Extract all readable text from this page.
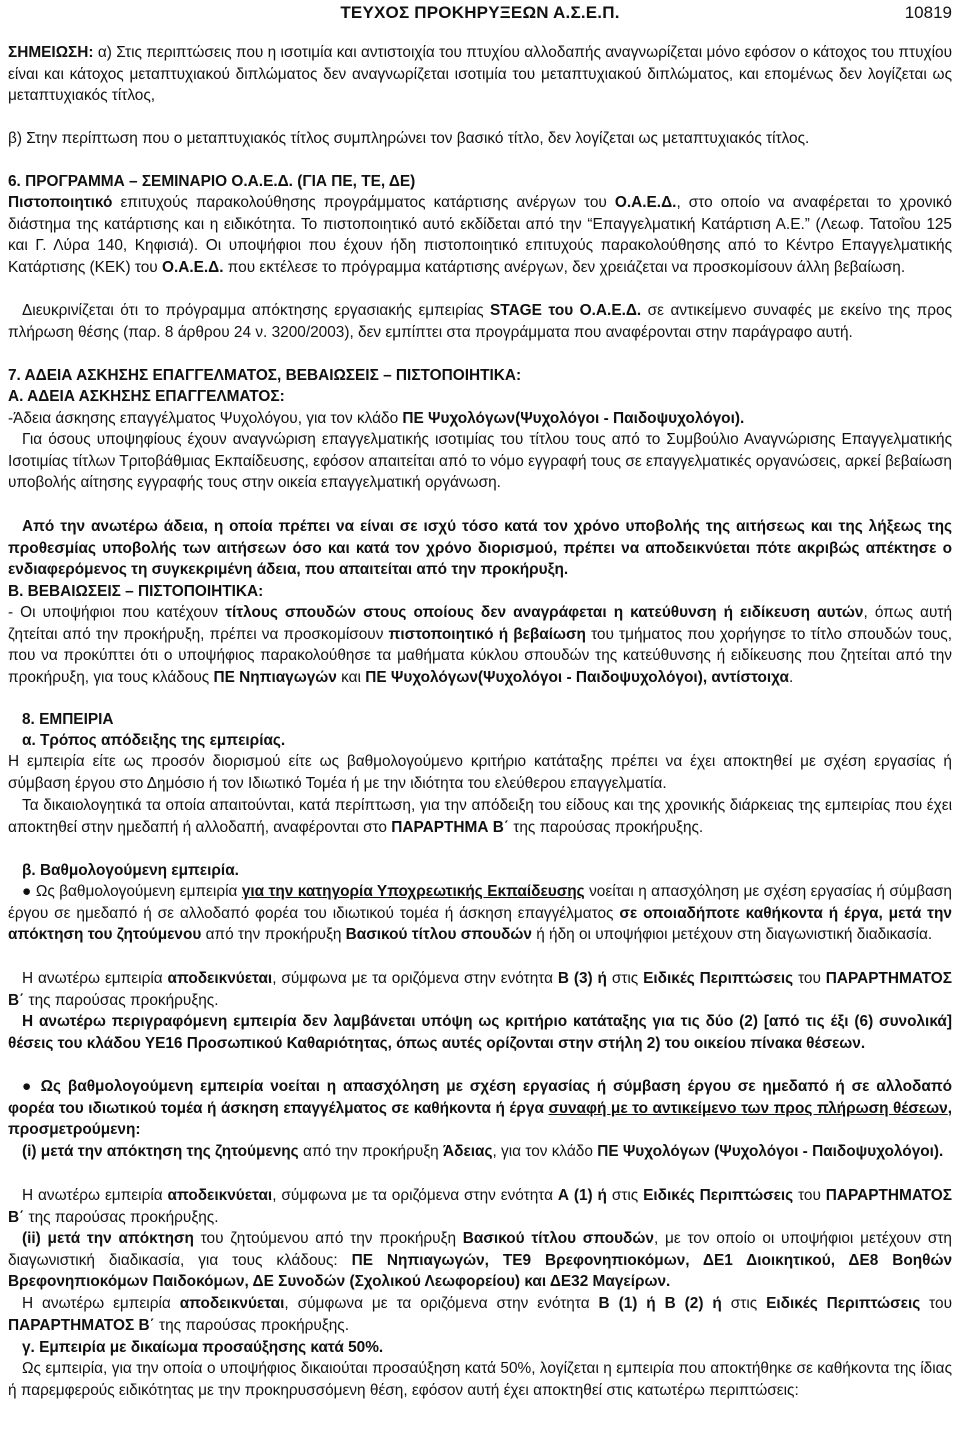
ΤΕΥΧΟΣ ΠΡΟΚΗΡΥΞΕΩΝ Α.Σ.Ε.Π.	10819
ΣΗΜΕΙΩΣΗ: α) Στις περιπτώσεις που η ισοτιμία και αντιστοιχία του πτυχίου αλλοδαπής αναγνωρίζεται μόνο εφόσον ο κάτοχος του πτυχίου είναι και κάτοχος μεταπτυχιακού διπλώματος δεν αναγνωρίζεται ισοτιμία του μεταπτυχιακού διπλώματος, και επομένως δεν λογίζεται ως μεταπτυχιακός τίτλος,
β) Στην περίπτωση που ο μεταπτυχιακός τίτλος συμπληρώνει τον βασικό τίτλο, δεν λογίζεται ως μεταπτυχιακός τίτλος.
6. ΠΡΟΓΡΑΜΜΑ – ΣΕΜΙΝΑΡΙΟ Ο.Α.Ε.Δ. (ΓΙΑ ΠΕ, ΤΕ, ΔΕ)
Πιστοποιητικό επιτυχούς παρακολούθησης προγράμματος κατάρτισης ανέργων του Ο.Α.Ε.Δ., στο οποίο να αναφέρεται το χρονικό διάστημα της κατάρτισης και η ειδικότητα. Το πιστοποιητικό αυτό εκδίδεται από την “Επαγγελματική Κατάρτιση Α.Ε.” (Λεωφ. Τατοΐου 125 και Γ. Λύρα 140, Κηφισιά). Οι υποψήφιοι που έχουν ήδη πιστοποιητικό επιτυχούς παρακολούθησης από το Κέντρο Επαγγελματικής Κατάρτισης (ΚΕΚ) του Ο.Α.Ε.Δ. που εκτέλεσε το πρόγραμμα κατάρτισης ανέργων, δεν χρειάζεται να προσκομίσουν άλλη βεβαίωση.
Διευκρινίζεται ότι το πρόγραμμα απόκτησης εργασιακής εμπειρίας STAGE του Ο.Α.Ε.Δ. σε αντικείμενο συναφές με εκείνο της προς πλήρωση θέσης (παρ. 8 άρθρου 24 ν. 3200/2003), δεν εμπίπτει στα προγράμματα που αναφέρονται στην παράγραφο αυτή.
7. ΑΔΕΙΑ ΑΣΚΗΣΗΣ ΕΠΑΓΓΕΛΜΑΤΟΣ, ΒΕΒΑΙΩΣΕΙΣ – ΠΙΣΤΟΠΟΙΗΤΙΚΑ:
Α. ΑΔΕΙΑ ΑΣΚΗΣΗΣ ΕΠΑΓΓΕΛΜΑΤΟΣ:
-Άδεια άσκησης επαγγέλματος Ψυχολόγου, για τον κλάδο ΠΕ Ψυχολόγων(Ψυχολόγοι - Παιδοψυχολόγοι).
Για όσους υποψηφίους έχουν αναγνώριση επαγγελματικής ισοτιμίας του τίτλου τους από το Συμβούλιο Αναγνώρισης Επαγγελματικής Ισοτιμίας τίτλων Τριτοβάθμιας Εκπαίδευσης, εφόσον απαιτείται από το νόμο εγγραφή τους σε επαγγελματικές οργανώσεις, αρκεί βεβαίωση υποβολής αίτησης εγγραφής τους στην οικεία επαγγελματική οργάνωση.
Από την ανωτέρω άδεια, η οποία πρέπει να είναι σε ισχύ τόσο κατά τον χρόνο υποβολής της αιτήσεως και της λήξεως της προθεσμίας υποβολής των αιτήσεων όσο και κατά τον χρόνο διορισμού, πρέπει να αποδεικνύεται πότε ακριβώς απέκτησε ο ενδιαφερόμενος τη συγκεκριμένη άδεια, που απαιτείται από την προκήρυξη.
Β. ΒΕΒΑΙΩΣΕΙΣ – ΠΙΣΤΟΠΟΙΗΤΙΚΑ:
- Οι υποψήφιοι που κατέχουν τίτλους σπουδών στους οποίους δεν αναγράφεται η κατεύθυνση ή ειδίκευση αυτών, όπως αυτή ζητείται από την προκήρυξη, πρέπει να προσκομίσουν πιστοποιητικό ή βεβαίωση του τμήματος που χορήγησε το τίτλο σπουδών τους, που να προκύπτει ότι ο υποψήφιος παρακολούθησε τα μαθήματα κύκλου σπουδών της κατεύθυνσης ή ειδίκευσης που ζητείται από την προκήρυξη, για τους κλάδους ΠΕ Νηπιαγωγών και ΠΕ Ψυχολόγων(Ψυχολόγοι - Παιδοψυχολόγοι), αντίστοιχα.
8. ΕΜΠΕΙΡΙΑ
α. Τρόπος απόδειξης της εμπειρίας.
Η εμπειρία είτε ως προσόν διορισμού είτε ως βαθμολογούμενο κριτήριο κατάταξης πρέπει να έχει αποκτηθεί με σχέση εργασίας ή σύμβαση έργου στο Δημόσιο ή τον Ιδιωτικό Τομέα ή με την ιδιότητα του ελεύθερου επαγγελματία.
Τα δικαιολογητικά τα οποία απαιτούνται, κατά περίπτωση, για την απόδειξη του είδους και της χρονικής διάρκειας της εμπειρίας που έχει αποκτηθεί στην ημεδαπή ή αλλοδαπή, αναφέρονται στο ΠΑΡΑΡΤΗΜΑ Β΄ της παρούσας προκήρυξης.
β. Βαθμολογούμενη εμπειρία.
● Ως βαθμολογούμενη εμπειρία για την κατηγορία Υποχρεωτικής Εκπαίδευσης νοείται η απασχόληση με σχέση εργασίας ή σύμβαση έργου σε ημεδαπό ή σε αλλοδαπό φορέα του ιδιωτικού τομέα ή άσκηση επαγγέλματος σε οποιαδήποτε καθήκοντα ή έργα, μετά την απόκτηση του ζητούμενου από την προκήρυξη Βασικού τίτλου σπουδών ή ήδη οι υποψήφιοι μετέχουν στη διαγωνιστική διαδικασία.
Η ανωτέρω εμπειρία αποδεικνύεται, σύμφωνα με τα οριζόμενα στην ενότητα Β (3) ή στις Ειδικές Περιπτώσεις του ΠΑΡΑΡΤΗΜΑΤΟΣ Β΄ της παρούσας προκήρυξης.
Η ανωτέρω περιγραφόμενη εμπειρία δεν λαμβάνεται υπόψη ως κριτήριο κατάταξης για τις δύο (2) [από τις έξι (6) συνολικά] θέσεις του κλάδου ΥΕ16 Προσωπικού Καθαριότητας, όπως αυτές ορίζονται στην στήλη 2) του οικείου πίνακα θέσεων.
● Ως βαθμολογούμενη εμπειρία νοείται η απασχόληση με σχέση εργασίας ή σύμβαση έργου σε ημεδαπό ή σε αλλοδαπό φορέα του ιδιωτικού τομέα ή άσκηση επαγγέλματος σε καθήκοντα ή έργα συναφή με το αντικείμενο των προς πλήρωση θέσεων, προσμετρούμενη:
(i) μετά την απόκτηση της ζητούμενης από την προκήρυξη Άδειας, για τον κλάδο ΠΕ Ψυχολόγων (Ψυχολόγοι - Παιδοψυχολόγοι).
Η ανωτέρω εμπειρία αποδεικνύεται, σύμφωνα με τα οριζόμενα στην ενότητα Α (1) ή στις Ειδικές Περιπτώσεις του ΠΑΡΑΡΤΗΜΑΤΟΣ Β΄ της παρούσας προκήρυξης.
(ii) μετά την απόκτηση του ζητούμενου από την προκήρυξη Βασικού τίτλου σπουδών, με τον οποίο οι υποψήφιοι μετέχουν στη διαγωνιστική διαδικασία, για τους κλάδους: ΠΕ Νηπιαγωγών, ΤΕ9 Βρεφονηπιοκόμων, ΔΕ1 Διοικητικού, ΔΕ8 Βοηθών Βρεφονηπιοκόμων Παιδοκόμων, ΔΕ Συνοδών (Σχολικού Λεωφορείου) και ΔΕ32 Μαγείρων.
Η ανωτέρω εμπειρία αποδεικνύεται, σύμφωνα με τα οριζόμενα στην ενότητα Β (1) ή Β (2) ή στις Ειδικές Περιπτώσεις του ΠΑΡΑΡΤΗΜΑΤΟΣ Β΄ της παρούσας προκήρυξης.
γ. Εμπειρία με δικαίωμα προσαύξησης κατά 50%.
Ως εμπειρία, για την οποία ο υποψήφιος δικαιούται προσαύξηση κατά 50%, λογίζεται η εμπειρία που αποκτήθηκε σε καθήκοντα της ίδιας ή παρεμφερούς ειδικότητας με την προκηρυσσόμενη θέση, εφόσον αυτή έχει αποκτηθεί στις κατωτέρω περιπτώσεις:
